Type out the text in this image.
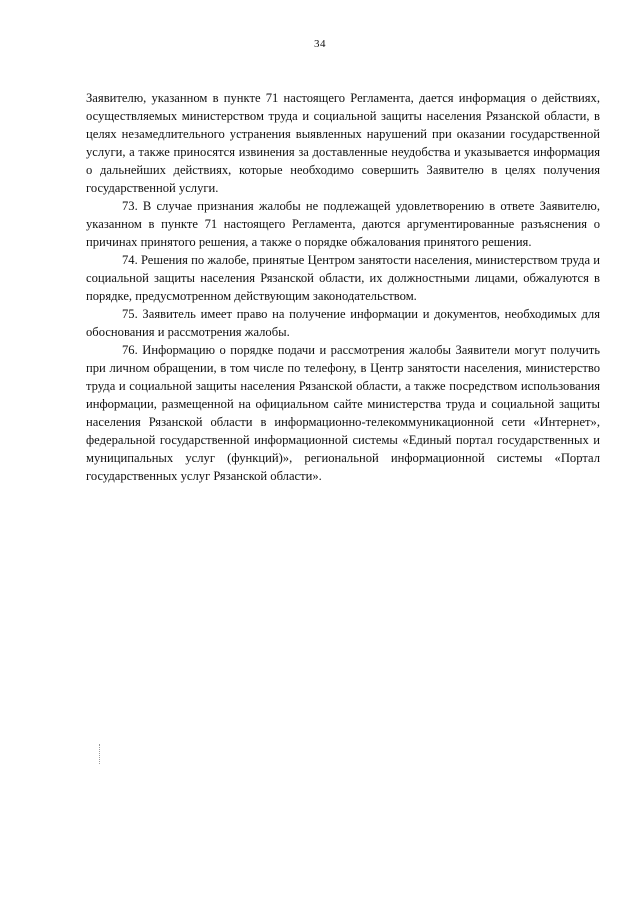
34

Заявителю, указанном в пункте 71 настоящего Регламента, дается информация о действиях, осуществляемых министерством труда и социальной защиты населения Рязанской области, в целях незамедлительного устранения выявленных нарушений при оказании государственной услуги, а также приносятся извинения за доставленные неудобства и указывается информация о дальнейших действиях, которые необходимо совершить Заявителю в целях получения государственной услуги.

73. В случае признания жалобы не подлежащей удовлетворению в ответе Заявителю, указанном в пункте 71 настоящего Регламента, даются аргументированные разъяснения о причинах принятого решения, а также о порядке обжалования принятого решения.

74. Решения по жалобе, принятые Центром занятости населения, министерством труда и социальной защиты населения Рязанской области, их должностными лицами, обжалуются в порядке, предусмотренном действующим законодательством.

75. Заявитель имеет право на получение информации и документов, необходимых для обоснования и рассмотрения жалобы.

76. Информацию о порядке подачи и рассмотрения жалобы Заявители могут получить при личном обращении, в том числе по телефону, в Центр занятости населения, министерство труда и социальной защиты населения Рязанской области, а также посредством использования информации, размещенной на официальном сайте министерства труда и социальной защиты населения Рязанской области в информационно-телекоммуникационной сети «Интернет», федеральной государственной информационной системы «Единый портал государственных и муниципальных услуг (функций)», региональной информационной системы «Портал государственных услуг Рязанской области».
